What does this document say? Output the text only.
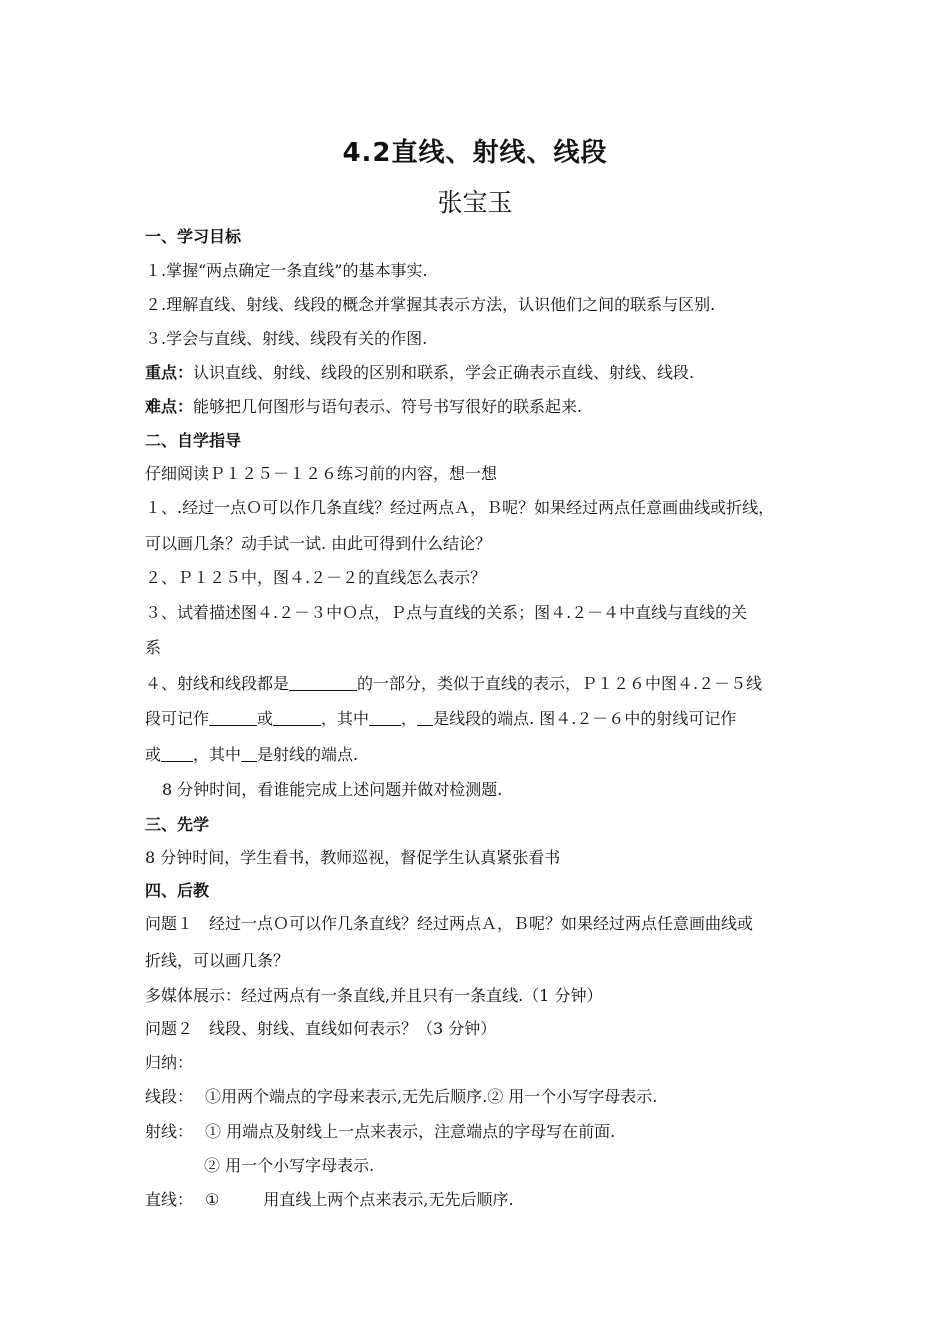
4.2直线、射线、线段
张宝玉
一、学习目标
１.掌握“两点确定一条直线”的基本事实.
２.理解直线、射线、线段的概念并掌握其表示方法，认识他们之间的联系与区别.
３.学会与直线、射线、线段有关的作图.
重点：认识直线、射线、线段的区别和联系，学会正确表示直线、射线、线段.
难点：能够把几何图形与语句表示、符号书写很好的联系起来.
二、自学指导
仔细阅读Ｐ１２５－１２６练习前的内容，想一想
１、.经过一点Ｏ可以作几条直线？经过两点Ａ，Ｂ呢？如果经过两点任意画曲线或折线，
可以画几条？动手试一试. 由此可得到什么结论？
２、Ｐ１２５中，图４.２－２的直线怎么表示？
３、试着描述图４.２－３中Ｏ点，Ｐ点与直线的关系；图４.２－４中直线与直线的关
系
４、射线和线段都是	的一部分，类似于直线的表示，Ｐ１２６中图４.２－５线
段可记作	或	，其中 ， 是线段的端点. 图４.２－６中的射线可记作
或 ，其中 是射线的端点.
8 分钟时间，看谁能完成上述问题并做对检测题.
三、先学
8 分钟时间，学生看书，教师巡视，督促学生认真紧张看书
四、后教
问题１　经过一点Ｏ可以作几条直线？经过两点Ａ，Ｂ呢？如果经过两点任意画曲线或
折线，可以画几条？
多媒体展示：经过两点有一条直线,并且只有一条直线.（1 分钟）
问题２　线段、射线、直线如何表示？（3 分钟）
归纳：
线段： ①用两个端点的字母来表示,无先后顺序.② 用一个小写字母表示.
射线： ① 用端点及射线上一点来表示，注意端点的字母写在前面.
② 用一个小写字母表示.
直线： ①	用直线上两个点来表示,无先后顺序.
